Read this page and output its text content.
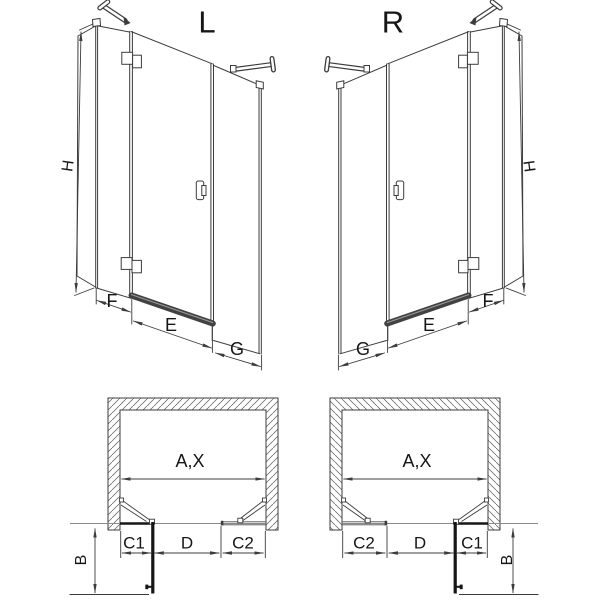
L	R
H	H
F
E
G	G
E
F
A,X	A,X
C1 D C2	C2 D C1
B	B
